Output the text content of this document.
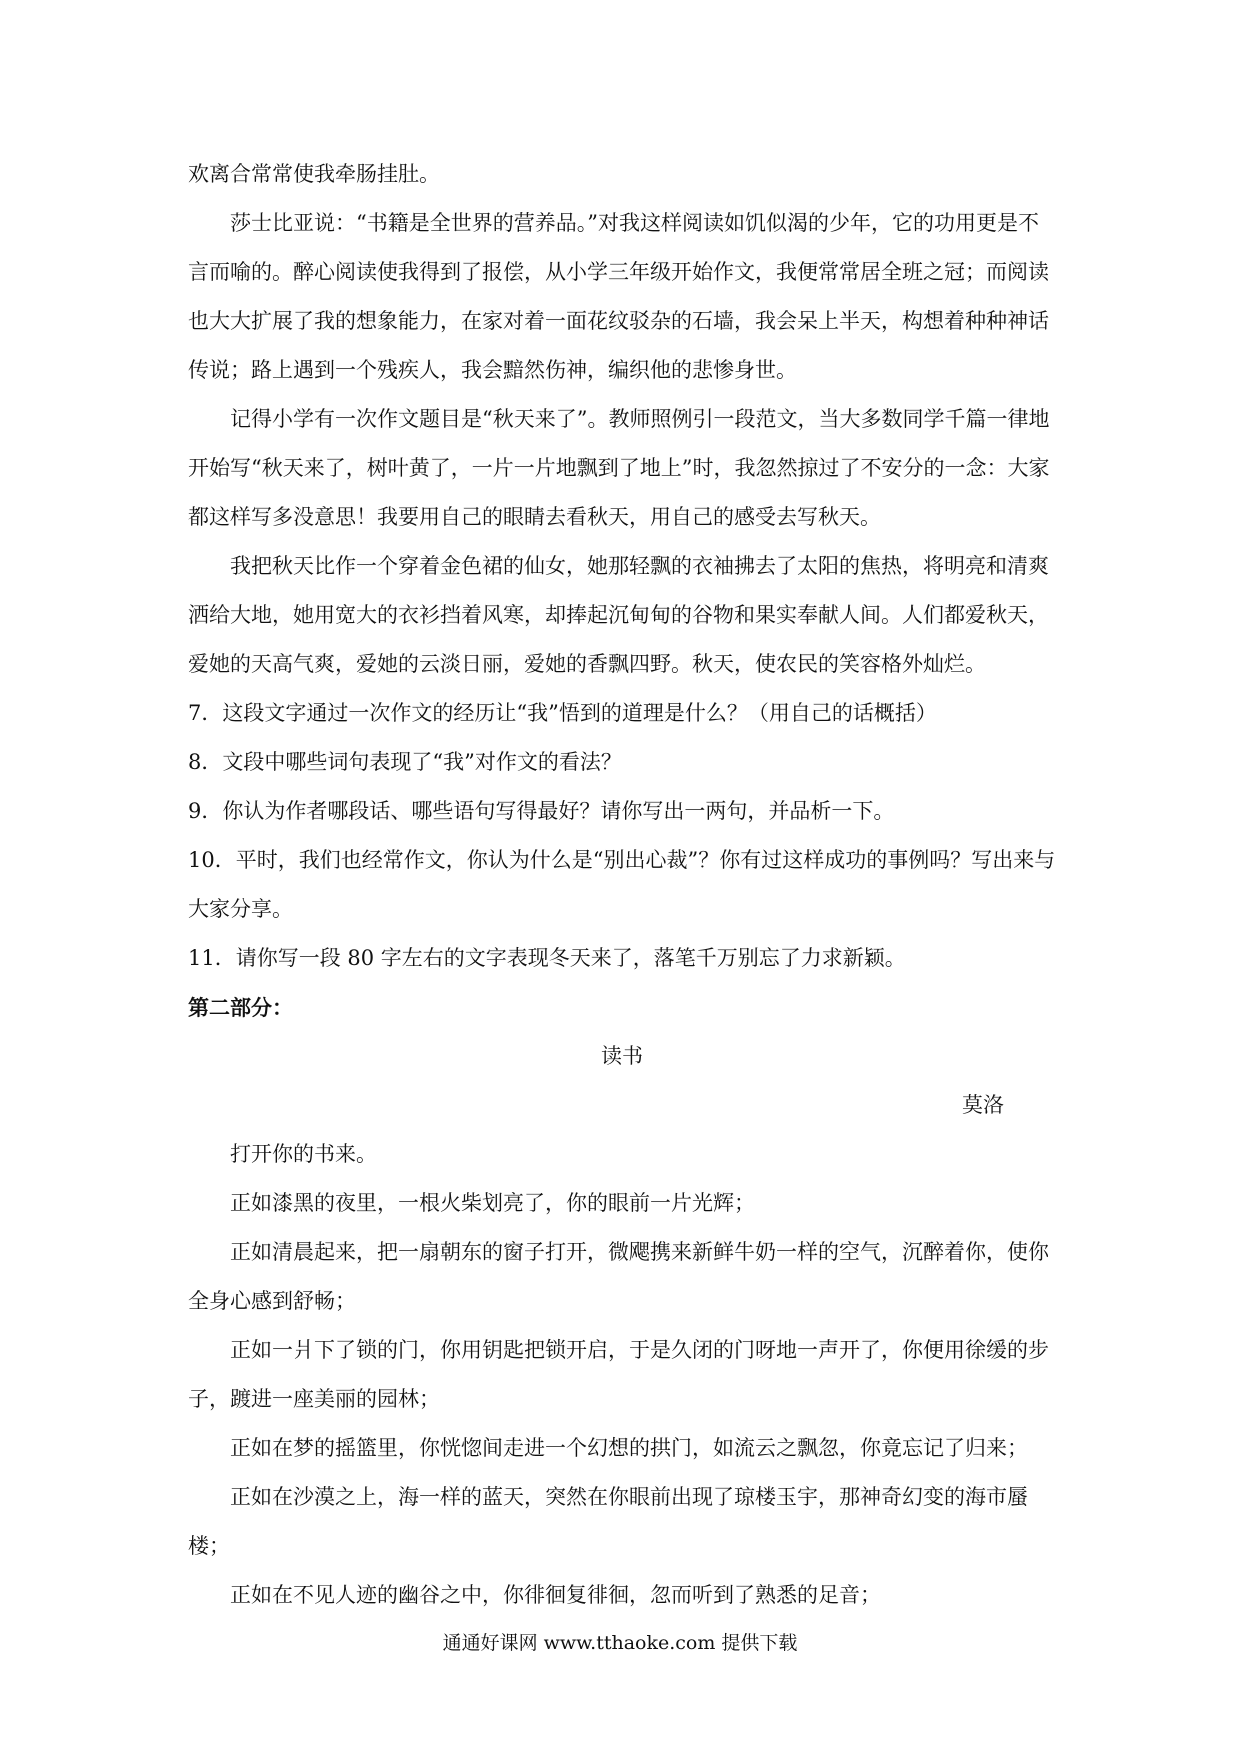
欢离合常常使我牵肠挂肚。

莎士比亚说：“书籍是全世界的营养品。”对我这样阅读如饥似渴的少年，它的功用更是不言而喻的。醉心阅读使我得到了报偿，从小学三年级开始作文，我便常常居全班之冠；而阅读也大大扩展了我的想象能力，在家对着一面花纹驳杂的石墙，我会呆上半天，构想着种种神话传说；路上遇到一个残疾人，我会黯然伤神，编织他的悲惨身世。

记得小学有一次作文题目是“秋天来了”。教师照例引一段范文，当大多数同学千篇一律地开始写“秋天来了，树叶黄了，一片一片地飘到了地上”时，我忽然掠过了不安分的一念：大家都这样写多没意思！我要用自己的眼睛去看秋天，用自己的感受去写秋天。

我把秋天比作一个穿着金色裙的仙女，她那轻飘的衣袖拂去了太阳的焦热，将明亮和清爽洒给大地，她用宽大的衣衫挡着风寒，却捧起沉甸甸的谷物和果实奉献人间。人们都爱秋天，爱她的天高气爽，爱她的云淡日丽，爱她的香飘四野。秋天，使农民的笑容格外灿烂。

7．这段文字通过一次作文的经历让“我”悟到的道理是什么？（用自己的话概括）

8．文段中哪些词句表现了“我”对作文的看法？

9．你认为作者哪段话、哪些语句写得最好？请你写出一两句，并品析一下。

10．平时，我们也经常作文，你认为什么是“别出心裁”？你有过这样成功的事例吗？写出来与大家分享。

11．请你写一段 80 字左右的文字表现冬天来了，落笔千万别忘了力求新颖。

第二部分：

读书

莫洛

打开你的书来。

正如漆黑的夜里，一根火柴划亮了，你的眼前一片光辉；

正如清晨起来，把一扇朝东的窗子打开，微飔携来新鲜牛奶一样的空气，沉醉着你，使你全身心感到舒畅；

正如一爿下了锁的门，你用钥匙把锁开启，于是久闭的门呀地一声开了，你便用徐缓的步子，踱进一座美丽的园林；

正如在梦的摇篮里，你恍惚间走进一个幻想的拱门，如流云之飘忽，你竟忘记了归来；

正如在沙漠之上，海一样的蓝天，突然在你眼前出现了琼楼玉宇，那神奇幻变的海市蜃楼；

正如在不见人迹的幽谷之中，你徘徊复徘徊，忽而听到了熟悉的足音；

通通好课网 www.tthaoke.com 提供下载
